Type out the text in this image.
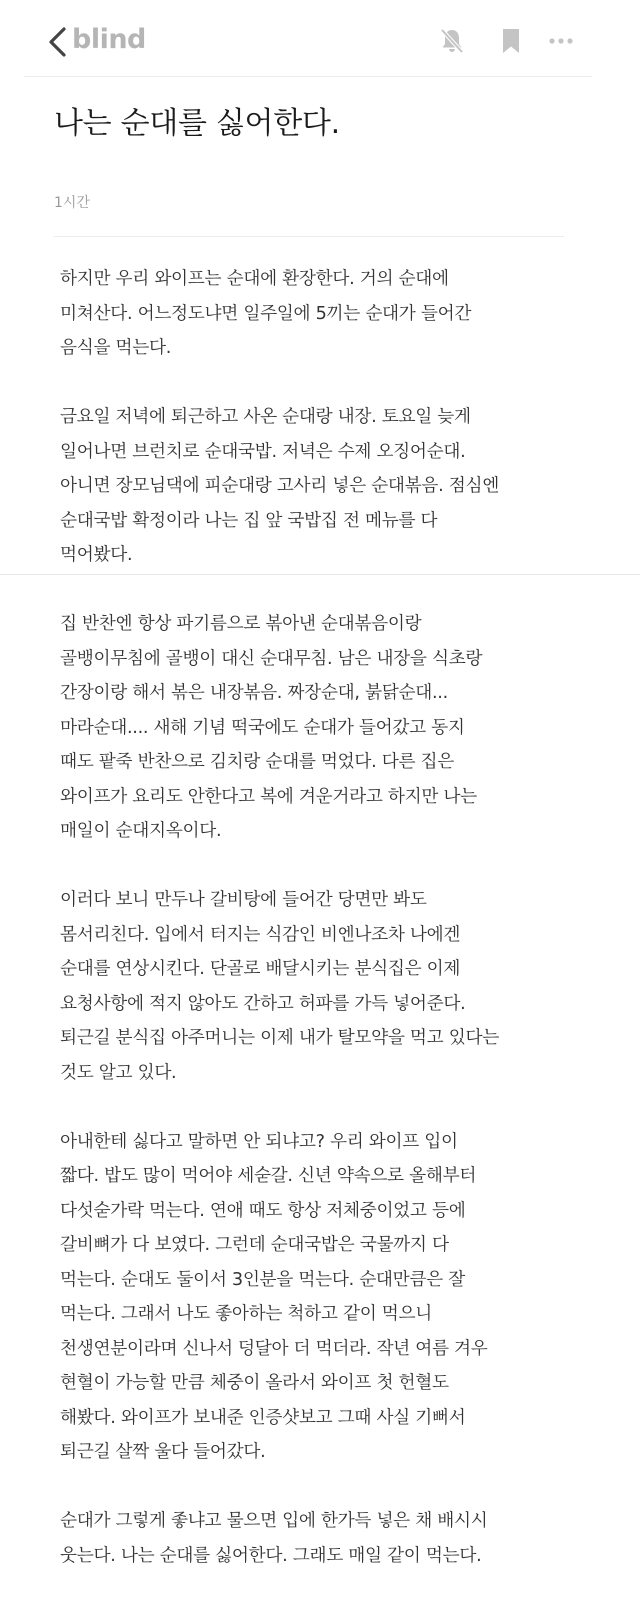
blind
나는 순대를 싫어한다.
1시간

하지만 우리 와이프는 순대에 환장한다. 거의 순대에
미쳐산다. 어느정도냐면 일주일에 5끼는 순대가 들어간
음식을 먹는다.

금요일 저녁에 퇴근하고 사온 순대랑 내장. 토요일 늦게
일어나면 브런치로 순대국밥. 저녁은 수제 오징어순대.
아니면 장모님댁에 피순대랑 고사리 넣은 순대볶음. 점심엔
순대국밥 확정이라 나는 집 앞 국밥집 전 메뉴를 다
먹어봤다.

집 반찬엔 항상 파기름으로 볶아낸 순대볶음이랑
골뱅이무침에 골뱅이 대신 순대무침. 남은 내장을 식초랑
간장이랑 해서 볶은 내장볶음. 짜장순대, 붉닭순대...
마라순대.... 새해 기념 떡국에도 순대가 들어갔고 동지
때도 팥죽 반찬으로 김치랑 순대를 먹었다. 다른 집은
와이프가 요리도 안한다고 복에 겨운거라고 하지만 나는
매일이 순대지옥이다.

이러다 보니 만두나 갈비탕에 들어간 당면만 봐도
몸서리친다. 입에서 터지는 식감인 비엔나조차 나에겐
순대를 연상시킨다. 단골로 배달시키는 분식집은 이제
요청사항에 적지 않아도 간하고 허파를 가득 넣어준다.
퇴근길 분식집 아주머니는 이제 내가 탈모약을 먹고 있다는
것도 알고 있다.

아내한테 싫다고 말하면 안 되냐고? 우리 와이프 입이
짧다. 밥도 많이 먹어야 세숟갈. 신년 약속으로 올해부터
다섯숟가락 먹는다. 연애 때도 항상 저체중이었고 등에
갈비뼈가 다 보였다. 그런데 순대국밥은 국물까지 다
먹는다. 순대도 둘이서 3인분을 먹는다. 순대만큼은 잘
먹는다. 그래서 나도 좋아하는 척하고 같이 먹으니
천생연분이라며 신나서 덩달아 더 먹더라. 작년 여름 겨우
현혈이 가능할 만큼 체중이 올라서 와이프 첫 헌혈도
해봤다. 와이프가 보내준 인증샷보고 그때 사실 기뻐서
퇴근길 살짝 울다 들어갔다.

순대가 그렇게 좋냐고 물으면 입에 한가득 넣은 채 배시시
웃는다. 나는 순대를 싫어한다. 그래도 매일 같이 먹는다.
